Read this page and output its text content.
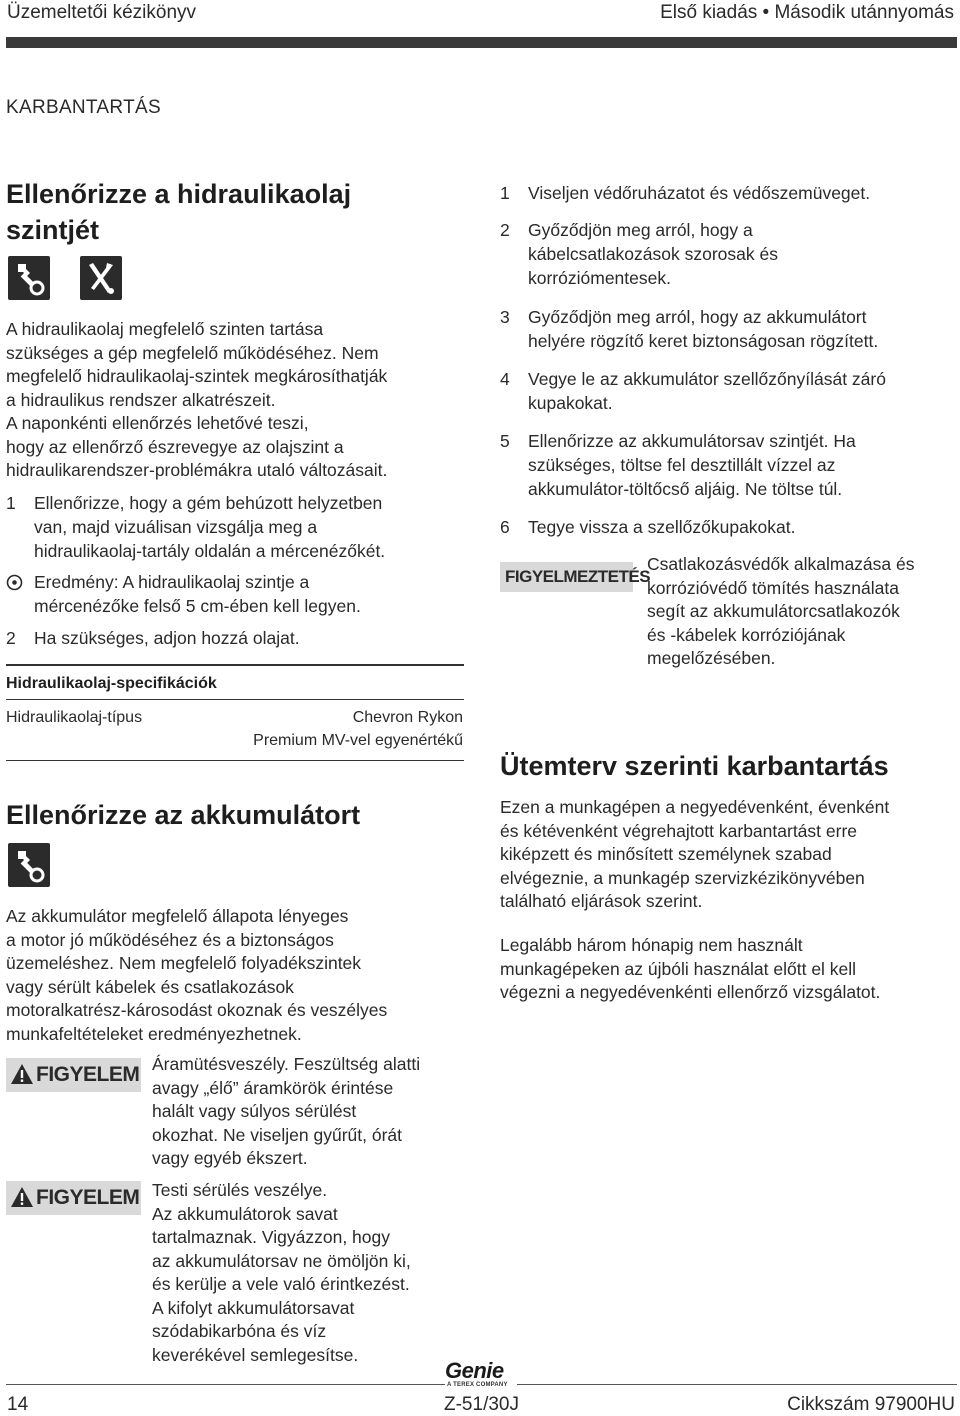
Üzemeltetői kézikönyv	Első kiadás • Második utánnyomás
KARBANTARTÁS
Ellenőrizze a hidraulikaolaj
szintjét
A hidraulikaolaj megfelelő szinten tartása
szükséges a gép megfelelő működéséhez. Nem
megfelelő hidraulikaolaj-szintek megkárosíthatják
a hidraulikus rendszer alkatrészeit.
A naponkénti ellenőrzés lehetővé teszi,
hogy az ellenőrző észrevegye az olajszint a
hidraulikarendszer-problémákra utaló változásait.
1 Ellenőrizze, hogy a gém behúzott helyzetben
van, majd vizuálisan vizsgálja meg a
hidraulikaolaj-tartály oldalán a mércenézőkét.
Eredmény: A hidraulikaolaj szintje a
mércenézőke felső 5 cm-ében kell legyen.
2 Ha szükséges, adjon hozzá olajat.
Hidraulikaolaj-specifikációk
Hidraulikaolaj-típus	Chevron Rykon
Premium MV-vel egyenértékű
Ellenőrizze az akkumulátort
Az akkumulátor megfelelő állapota lényeges
a motor jó működéséhez és a biztonságos
üzemeléshez. Nem megfelelő folyadékszintek
vagy sérült kábelek és csatlakozások
motoralkatrész-károsodást okoznak és veszélyes
munkafeltételeket eredményezhetnek.
FIGYELEM Áramütésveszély. Feszültség alatti
avagy „élő” áramkörök érintése
halált vagy súlyos sérülést
okozhat. Ne viseljen gyűrűt, órát
vagy egyéb ékszert.
FIGYELEM Testi sérülés veszélye.
Az akkumulátorok savat
tartalmaznak. Vigyázzon, hogy
az akkumulátorsav ne ömöljön ki,
és kerülje a vele való érintkezést.
A kifolyt akkumulátorsavat
szódabikarbóna és víz
keverékével semlegesítse.
1 Viseljen védőruházatot és védőszemüveget.
2 Győződjön meg arról, hogy a
kábelcsatlakozások szorosak és
korróziómentesek.
3 Győződjön meg arról, hogy az akkumulátort
helyére rögzítő keret biztonságosan rögzített.
4 Vegye le az akkumulátor szellőzőnyílását záró
kupakokat.
5 Ellenőrizze az akkumulátorsav szintjét. Ha
szükséges, töltse fel desztillált vízzel az
akkumulátor-töltőcső aljáig. Ne töltse túl.
6 Tegye vissza a szellőzőkupakokat.
FIGYELMEZTETÉS
Csatlakozásvédők alkalmazása és
korrózióvédő tömítés használata
segít az akkumulátorcsatlakozók
és -kábelek korróziójának
megelőzésében.
Ütemterv szerinti karbantartás
Ezen a munkagépen a negyedévenként, évenként
és kétévenként végrehajtott karbantartást erre
kiképzett és minősített személynek szabad
elvégeznie, a munkagép szervizkézikönyvében
található eljárások szerint.
Legalább három hónapig nem használt
munkagépeken az újbóli használat előtt el kell
végezni a negyedévenkénti ellenőrző vizsgálatot.
Genie
A TEREX COMPANY
14	Z-51/30J	Cikkszám 97900HU
